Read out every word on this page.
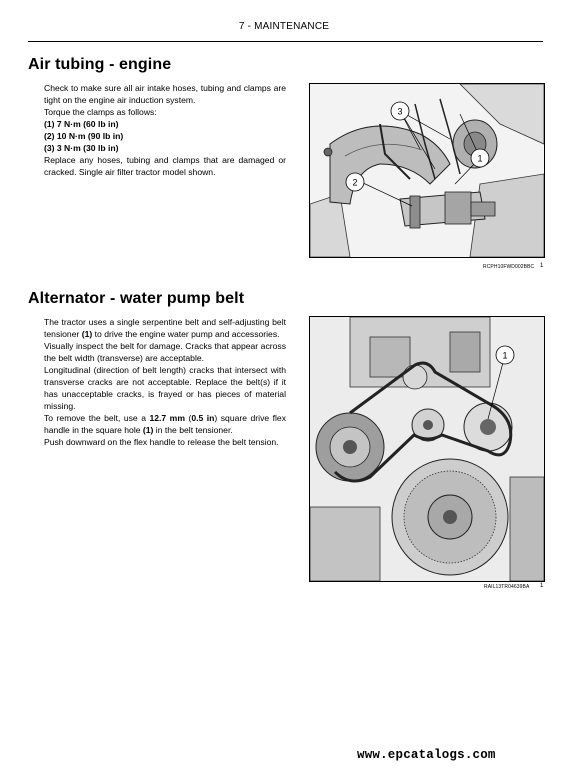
7 - MAINTENANCE
Air tubing - engine

Check to make sure all air intake hoses, tubing and clamps are tight on the engine air induction system.

Torque the clamps as follows:

(1) 7 N·m (60 lb in)

(2) 10 N·m (90 lb in)

(3) 3 N·m (30 lb in)

Replace any hoses, tubing and clamps that are damaged or cracked. Single air filter tractor model shown.

3
2
1
RCPH10FWD002BBC 1
Alternator - water pump belt

The tractor uses a single serpentine belt and self-adjusting belt tensioner (1) to drive the engine water pump and accessories.

Visually inspect the belt for damage. Cracks that appear across the belt width (transverse) are acceptable.

Longitudinal (direction of belt length) cracks that intersect with transverse cracks are not acceptable. Replace the belt(s) if it has unacceptable cracks, is frayed or has pieces of material missing.

To remove the belt, use a 12.7 mm (0.5 in) square drive flex handle in the square hole (1) in the belt tensioner.

Push downward on the flex handle to release the belt tension.

1
RAIL13TR04639BA 1
www.epcatalogs.com
